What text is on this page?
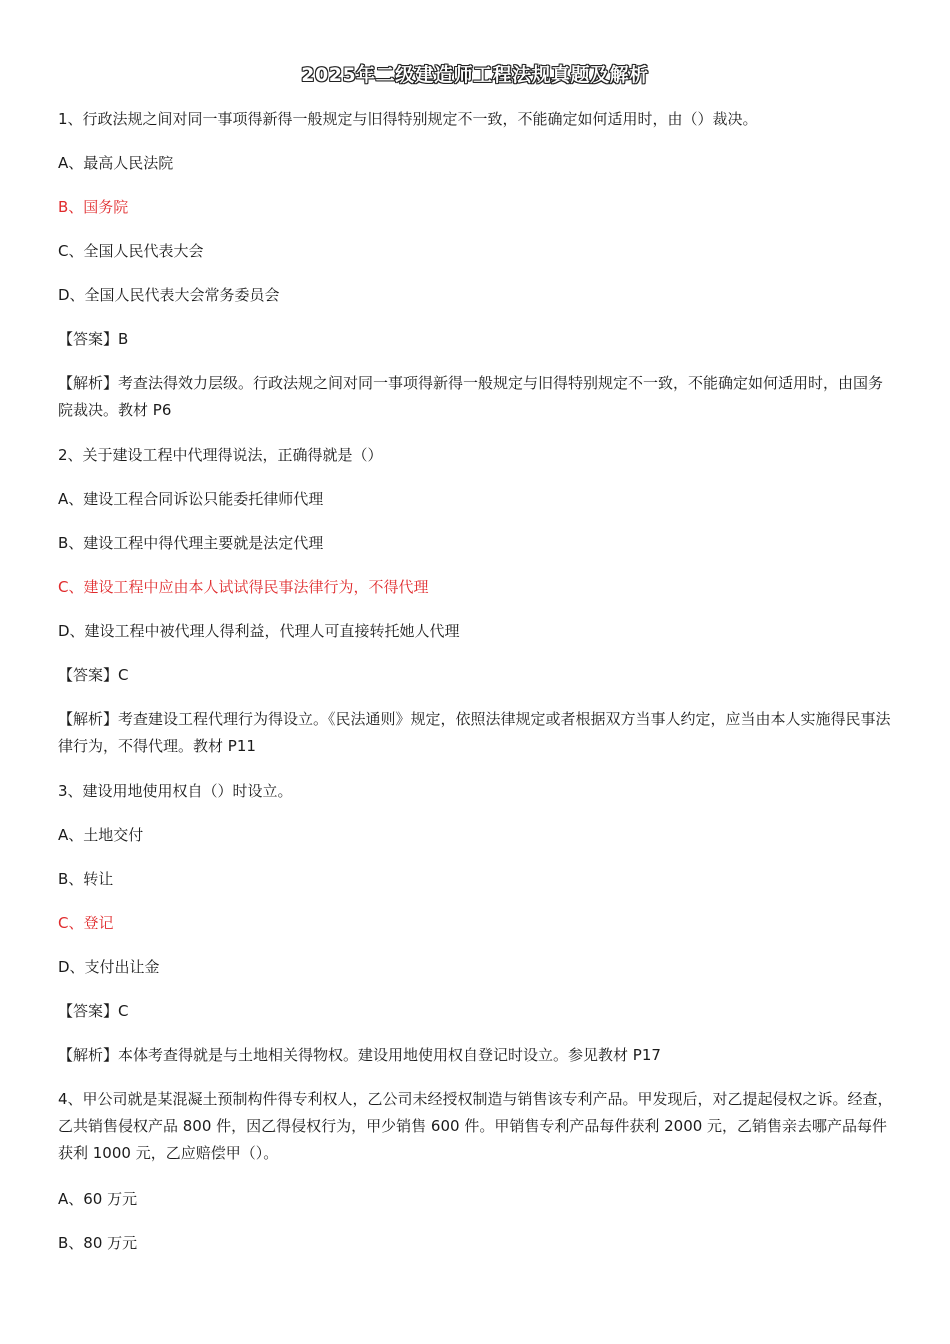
2025年二级建造师工程法规真题及解析
1、行政法规之间对同一事项得新得一般规定与旧得特别规定不一致，不能确定如何适用时，由（）裁决。
A、最高人民法院
B、国务院
C、全国人民代表大会
D、全国人民代表大会常务委员会
【答案】B
【解析】考查法得效力层级。行政法规之间对同一事项得新得一般规定与旧得特别规定不一致，不能确定如何适用时，由国务院裁决。教材 P6
2、关于建设工程中代理得说法，正确得就是（）
A、建设工程合同诉讼只能委托律师代理
B、建设工程中得代理主要就是法定代理
C、建设工程中应由本人试试得民事法律行为，不得代理
D、建设工程中被代理人得利益，代理人可直接转托她人代理
【答案】C
【解析】考查建设工程代理行为得设立。《民法通则》规定，依照法律规定或者根据双方当事人约定，应当由本人实施得民事法律行为，不得代理。教材 P11
3、建设用地使用权自（）时设立。
A、土地交付
B、转让
C、登记
D、支付出让金
【答案】C
【解析】本体考查得就是与土地相关得物权。建设用地使用权自登记时设立。参见教材 P17
4、甲公司就是某混凝土预制构件得专利权人，乙公司未经授权制造与销售该专利产品。甲发现后，对乙提起侵权之诉。经查，乙共销售侵权产品 800 件，因乙得侵权行为，甲少销售 600 件。甲销售专利产品每件获利 2000 元，乙销售亲去哪产品每件获利 1000 元，乙应赔偿甲（）。
A、60 万元
B、80 万元
